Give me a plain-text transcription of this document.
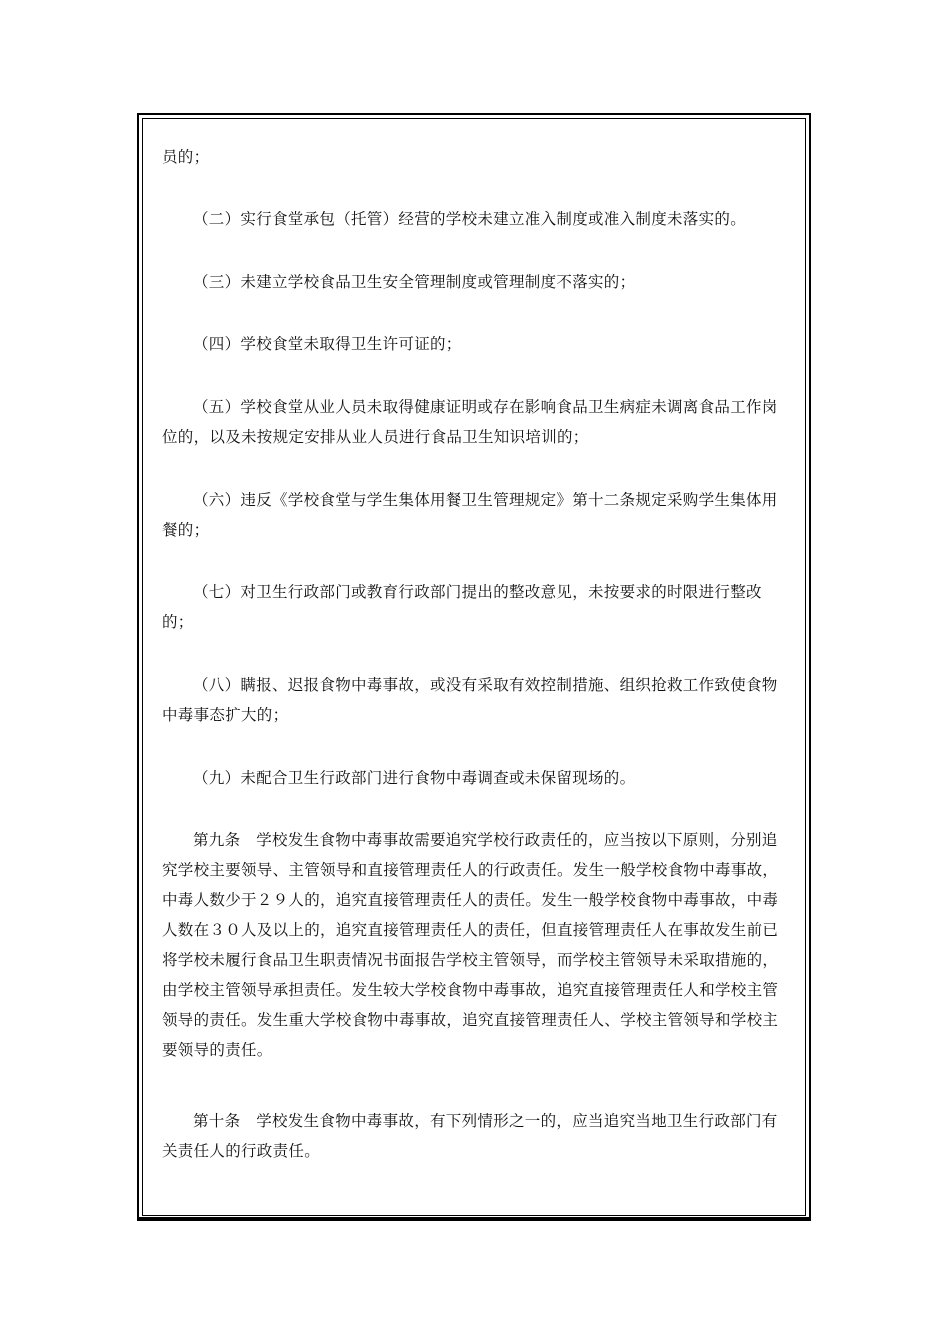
员的；
（二）实行食堂承包（托管）经营的学校未建立准入制度或准入制度未落实的。
（三）未建立学校食品卫生安全管理制度或管理制度不落实的；
（四）学校食堂未取得卫生许可证的；
（五）学校食堂从业人员未取得健康证明或存在影响食品卫生病症未调离食品工作岗位的，以及未按规定安排从业人员进行食品卫生知识培训的；
（六）违反《学校食堂与学生集体用餐卫生管理规定》第十二条规定采购学生集体用餐的；
（七）对卫生行政部门或教育行政部门提出的整改意见，未按要求的时限进行整改的；
（八）瞒报、迟报食物中毒事故，或没有采取有效控制措施、组织抢救工作致使食物中毒事态扩大的；
（九）未配合卫生行政部门进行食物中毒调查或未保留现场的。
第九条　学校发生食物中毒事故需要追究学校行政责任的，应当按以下原则，分别追究学校主要领导、主管领导和直接管理责任人的行政责任。发生一般学校食物中毒事故，中毒人数少于２９人的，追究直接管理责任人的责任。发生一般学校食物中毒事故，中毒人数在３０人及以上的，追究直接管理责任人的责任，但直接管理责任人在事故发生前已将学校未履行食品卫生职责情况书面报告学校主管领导，而学校主管领导未采取措施的，由学校主管领导承担责任。发生较大学校食物中毒事故，追究直接管理责任人和学校主管领导的责任。发生重大学校食物中毒事故，追究直接管理责任人、学校主管领导和学校主要领导的责任。
第十条　学校发生食物中毒事故，有下列情形之一的，应当追究当地卫生行政部门有关责任人的行政责任。
